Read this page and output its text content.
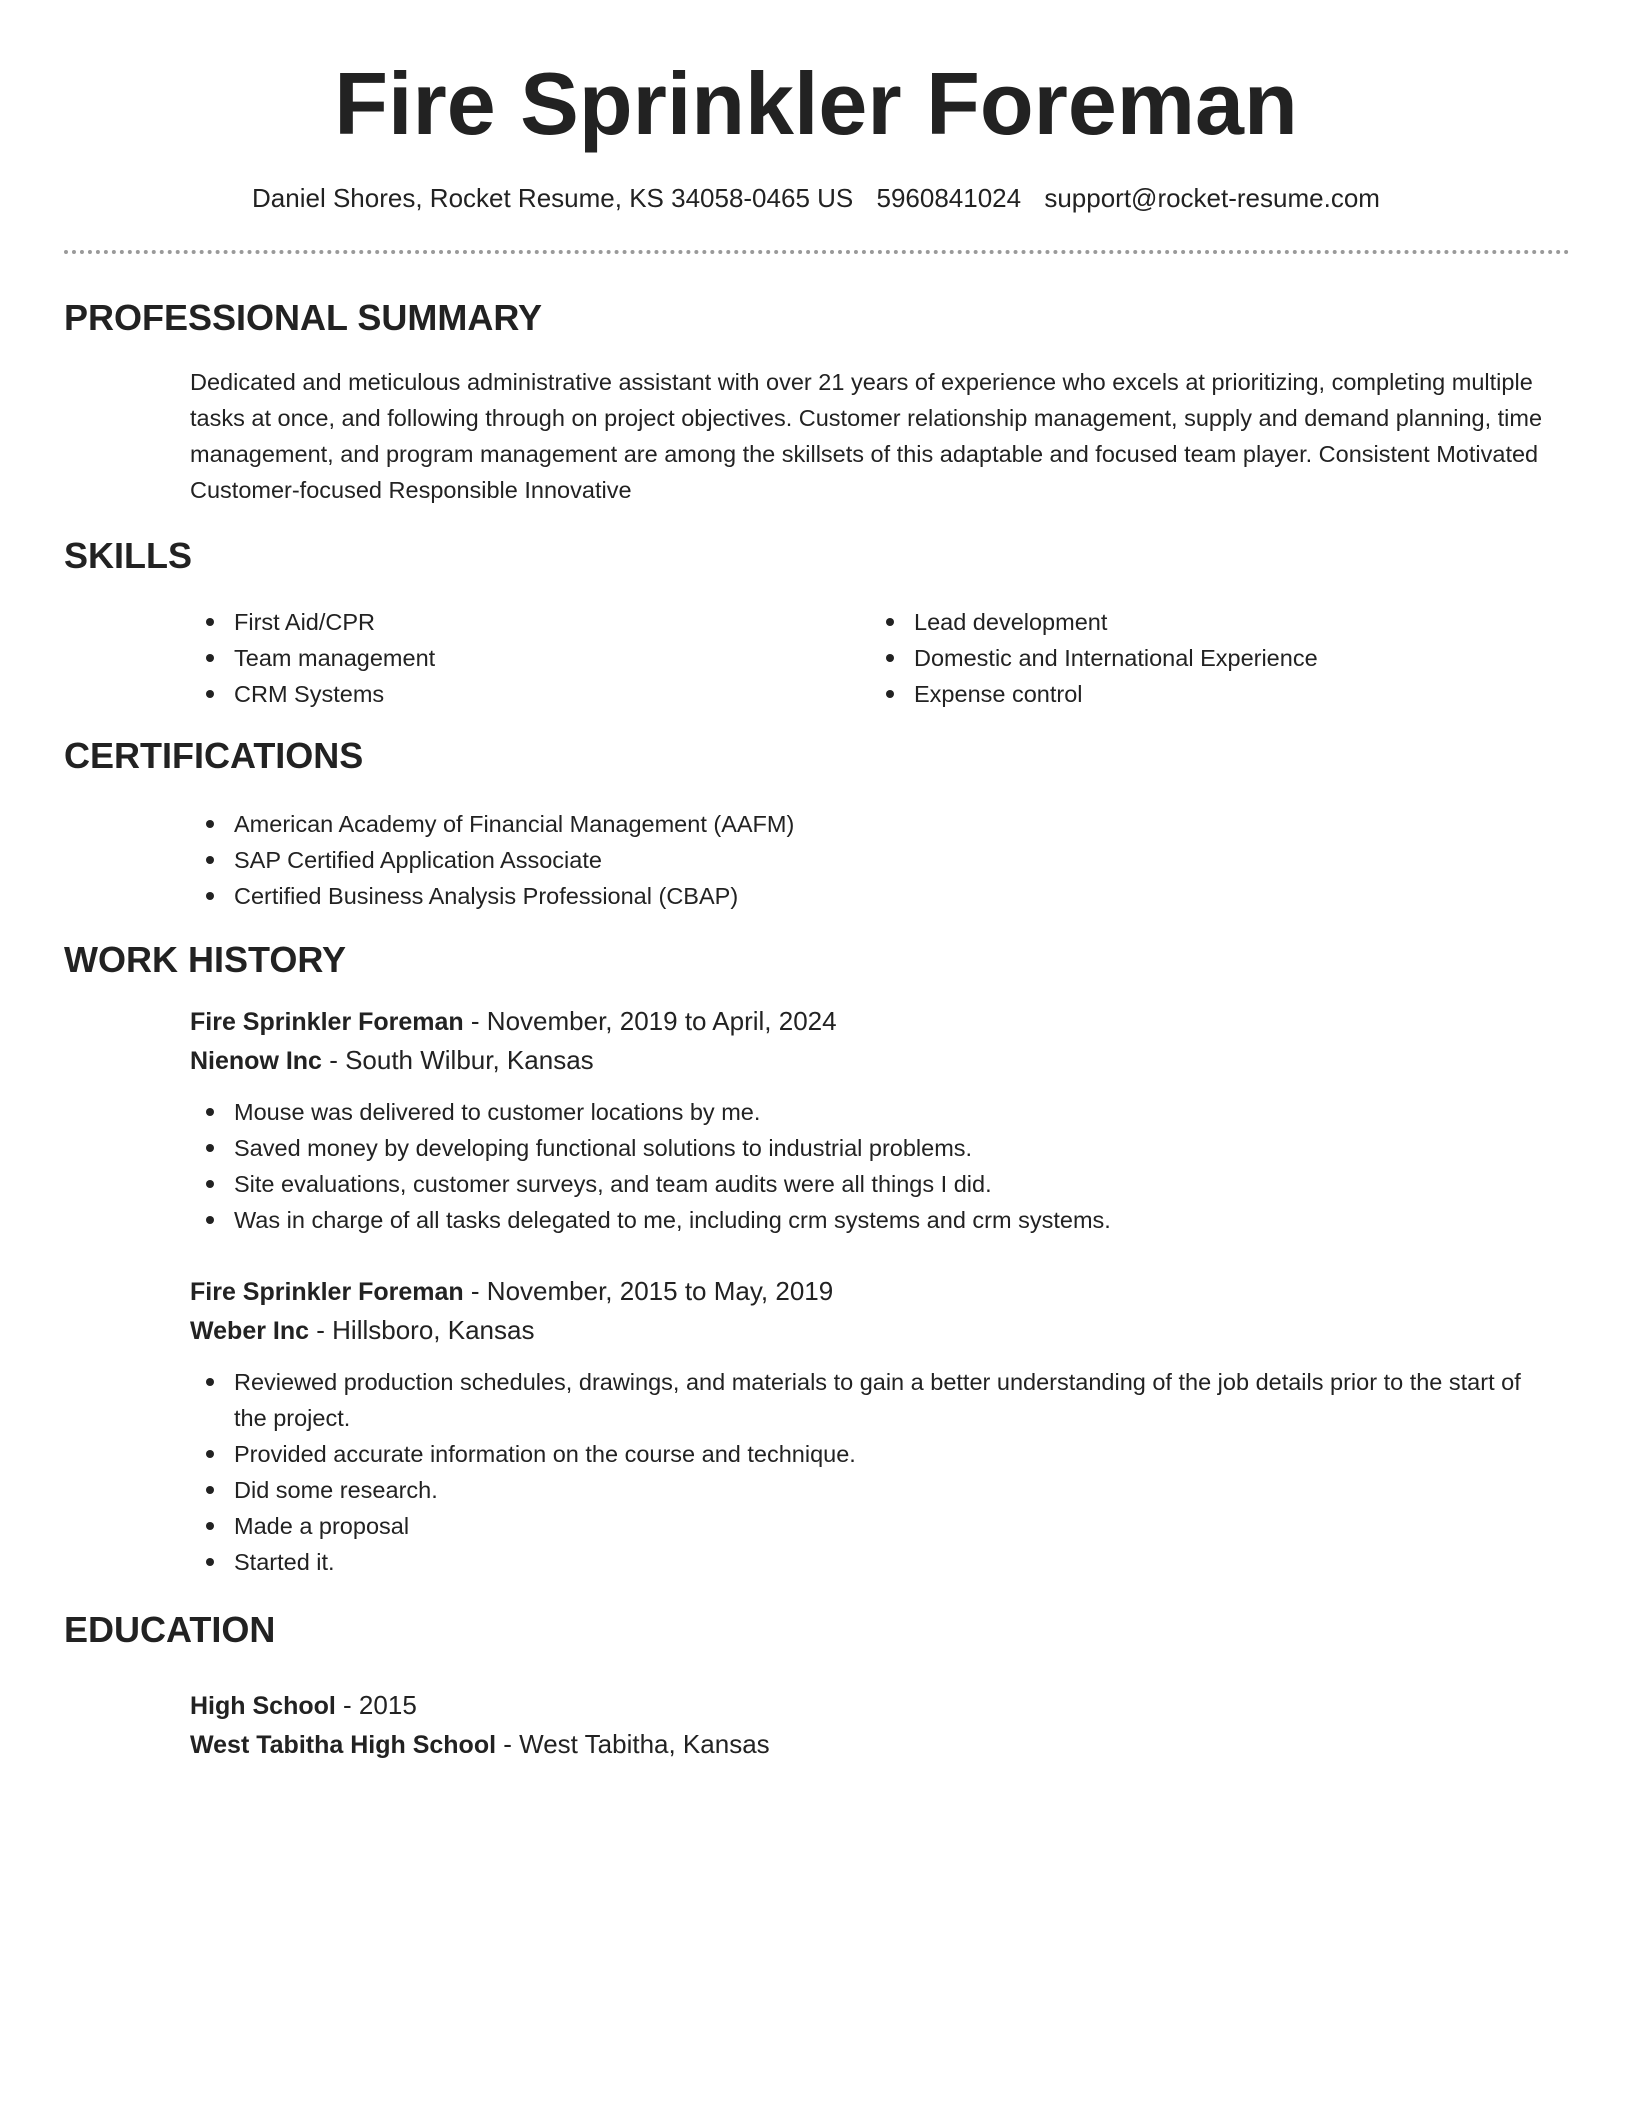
Fire Sprinkler Foreman
Daniel Shores, Rocket Resume, KS 34058-0465 US 5960841024 support@rocket-resume.com
PROFESSIONAL SUMMARY

Dedicated and meticulous administrative assistant with over 21 years of experience who excels at prioritizing, completing multiple tasks at once, and following through on project objectives. Customer relationship management, supply and demand planning, time management, and program management are among the skillsets of this adaptable and focused team player. Consistent Motivated Customer-focused Responsible Innovative

SKILLS
First Aid/CPR
Team management
CRM Systems
Lead development
Domestic and International Experience
Expense control
CERTIFICATIONS
American Academy of Financial Management (AAFM)
SAP Certified Application Associate
Certified Business Analysis Professional (CBAP)
WORK HISTORY
Fire Sprinkler Foreman - November, 2019 to April, 2024
Nienow Inc - South Wilbur, Kansas
Mouse was delivered to customer locations by me.
Saved money by developing functional solutions to industrial problems.
Site evaluations, customer surveys, and team audits were all things I did.
Was in charge of all tasks delegated to me, including crm systems and crm systems.
Fire Sprinkler Foreman - November, 2015 to May, 2019
Weber Inc - Hillsboro, Kansas
Reviewed production schedules, drawings, and materials to gain a better understanding of the job details prior to the start of the project.
Provided accurate information on the course and technique.
Did some research.
Made a proposal
Started it.
EDUCATION
High School - 2015
West Tabitha High School - West Tabitha, Kansas
